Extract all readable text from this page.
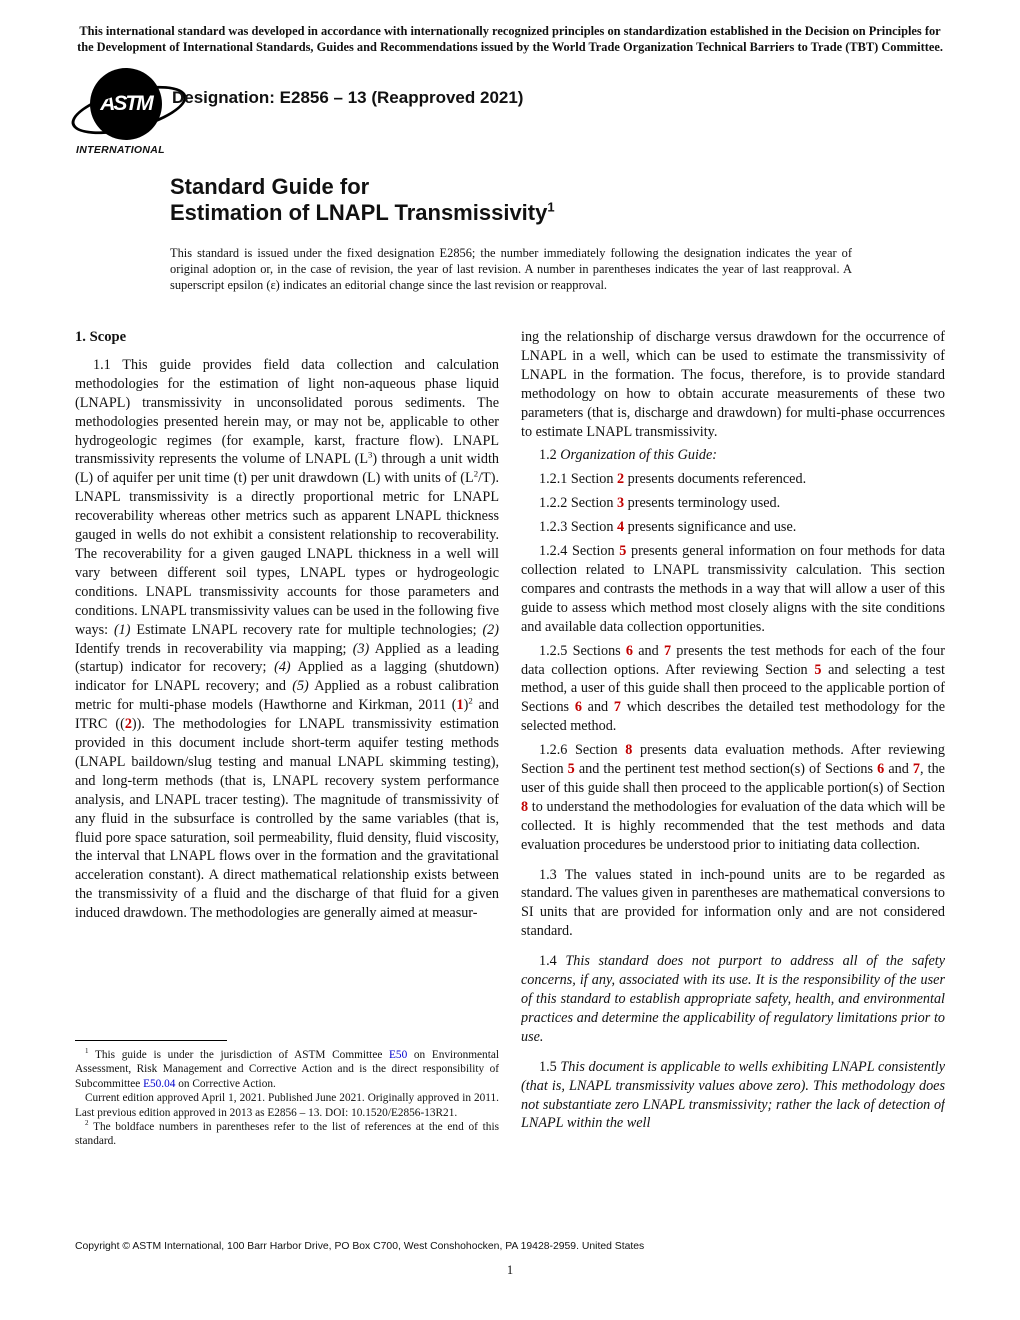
This international standard was developed in accordance with internationally recognized principles on standardization established in the Decision on Principles for the Development of International Standards, Guides and Recommendations issued by the World Trade Organization Technical Barriers to Trade (TBT) Committee.
ASTM
INTERNATIONAL
Designation: E2856 – 13 (Reapproved 2021)
Standard Guide for
Estimation of LNAPL Transmissivity$^1$
This standard is issued under the fixed designation E2856; the number immediately following the designation indicates the year of original adoption or, in the case of revision, the year of last revision. A number in parentheses indicates the year of last reapproval. A superscript epsilon (ε) indicates an editorial change since the last revision or reapproval.

1. Scope

1.1 This guide provides field data collection and calculation methodologies for the estimation of light non-aqueous phase liquid (LNAPL) transmissivity in unconsolidated porous sediments. The methodologies presented herein may, or may not be, applicable to other hydrogeologic regimes (for example, karst, fracture flow). LNAPL transmissivity represents the volume of LNAPL $(L^3)$ through a unit width (L) of aquifer per unit time (t) per unit drawdown (L) with units of $(L^2/T)$. LNAPL transmissivity is a directly proportional metric for LNAPL recoverability whereas other metrics such as apparent LNAPL thickness gauged in wells do not exhibit a consistent relationship to recoverability. The recoverability for a given gauged LNAPL thickness in a well will vary between different soil types, LNAPL types or hydrogeologic conditions. LNAPL transmissivity accounts for those parameters and conditions. LNAPL transmissivity values can be used in the following five ways: (1) Estimate LNAPL recovery rate for multiple technologies; (2) Identify trends in recoverability via mapping; (3) Applied as a leading (startup) indicator for recovery; (4) Applied as a lagging (shutdown) indicator for LNAPL recovery; and (5) Applied as a robust calibration metric for multi-phase models (Hawthorne and Kirkman, 2011 $(1)^2$ and ITRC ((2)). The methodologies for LNAPL transmissivity estimation provided in this document include short-term aquifer testing methods (LNAPL baildown/slug testing and manual LNAPL skimming testing), and long-term methods (that is, LNAPL recovery system performance analysis, and LNAPL tracer testing). The magnitude of transmissivity of any fluid in the subsurface is controlled by the same variables (that is, fluid pore space saturation, soil permeability, fluid density, fluid viscosity, the interval that LNAPL flows over in the formation and the gravitational acceleration constant). A direct mathematical relationship exists between the transmissivity of a fluid and the discharge of that fluid for a given induced drawdown. The methodologies are generally aimed at measur-

ing the relationship of discharge versus drawdown for the occurrence of LNAPL in a well, which can be used to estimate the transmissivity of LNAPL in the formation. The focus, therefore, is to provide standard methodology on how to obtain accurate measurements of these two parameters (that is, discharge and drawdown) for multi-phase occurrences to estimate LNAPL transmissivity.

1.2 Organization of this Guide:

1.2.1 Section 2 presents documents referenced.

1.2.2 Section 3 presents terminology used.

1.2.3 Section 4 presents significance and use.

1.2.4 Section 5 presents general information on four methods for data collection related to LNAPL transmissivity calculation. This section compares and contrasts the methods in a way that will allow a user of this guide to assess which method most closely aligns with the site conditions and available data collection opportunities.

1.2.5 Sections 6 and 7 presents the test methods for each of the four data collection options. After reviewing Section 5 and selecting a test method, a user of this guide shall then proceed to the applicable portion of Sections 6 and 7 which describes the detailed test methodology for the selected method.

1.2.6 Section 8 presents data evaluation methods. After reviewing Section 5 and the pertinent test method section(s) of Sections 6 and 7, the user of this guide shall then proceed to the applicable portion(s) of Section 8 to understand the methodologies for evaluation of the data which will be collected. It is highly recommended that the test methods and data evaluation procedures be understood prior to initiating data collection.

1.3 The values stated in inch-pound units are to be regarded as standard. The values given in parentheses are mathematical conversions to SI units that are provided for information only and are not considered standard.

1.4 This standard does not purport to address all of the safety concerns, if any, associated with its use. It is the responsibility of the user of this standard to establish appropriate safety, health, and environmental practices and determine the applicability of regulatory limitations prior to use.

1.5 This document is applicable to wells exhibiting LNAPL consistently (that is, LNAPL transmissivity values above zero). This methodology does not substantiate zero LNAPL transmissivity; rather the lack of detection of LNAPL within the well

$^1$ This guide is under the jurisdiction of ASTM Committee E50 on Environmental Assessment, Risk Management and Corrective Action and is the direct responsibility of Subcommittee E50.04 on Corrective Action.

Current edition approved April 1, 2021. Published June 2021. Originally approved in 2011. Last previous edition approved in 2013 as E2856 – 13. DOI: 10.1520/E2856-13R21.

$^2$ The boldface numbers in parentheses refer to the list of references at the end of this standard.

Copyright © ASTM International, 100 Barr Harbor Drive, PO Box C700, West Conshohocken, PA 19428-2959. United States
1
